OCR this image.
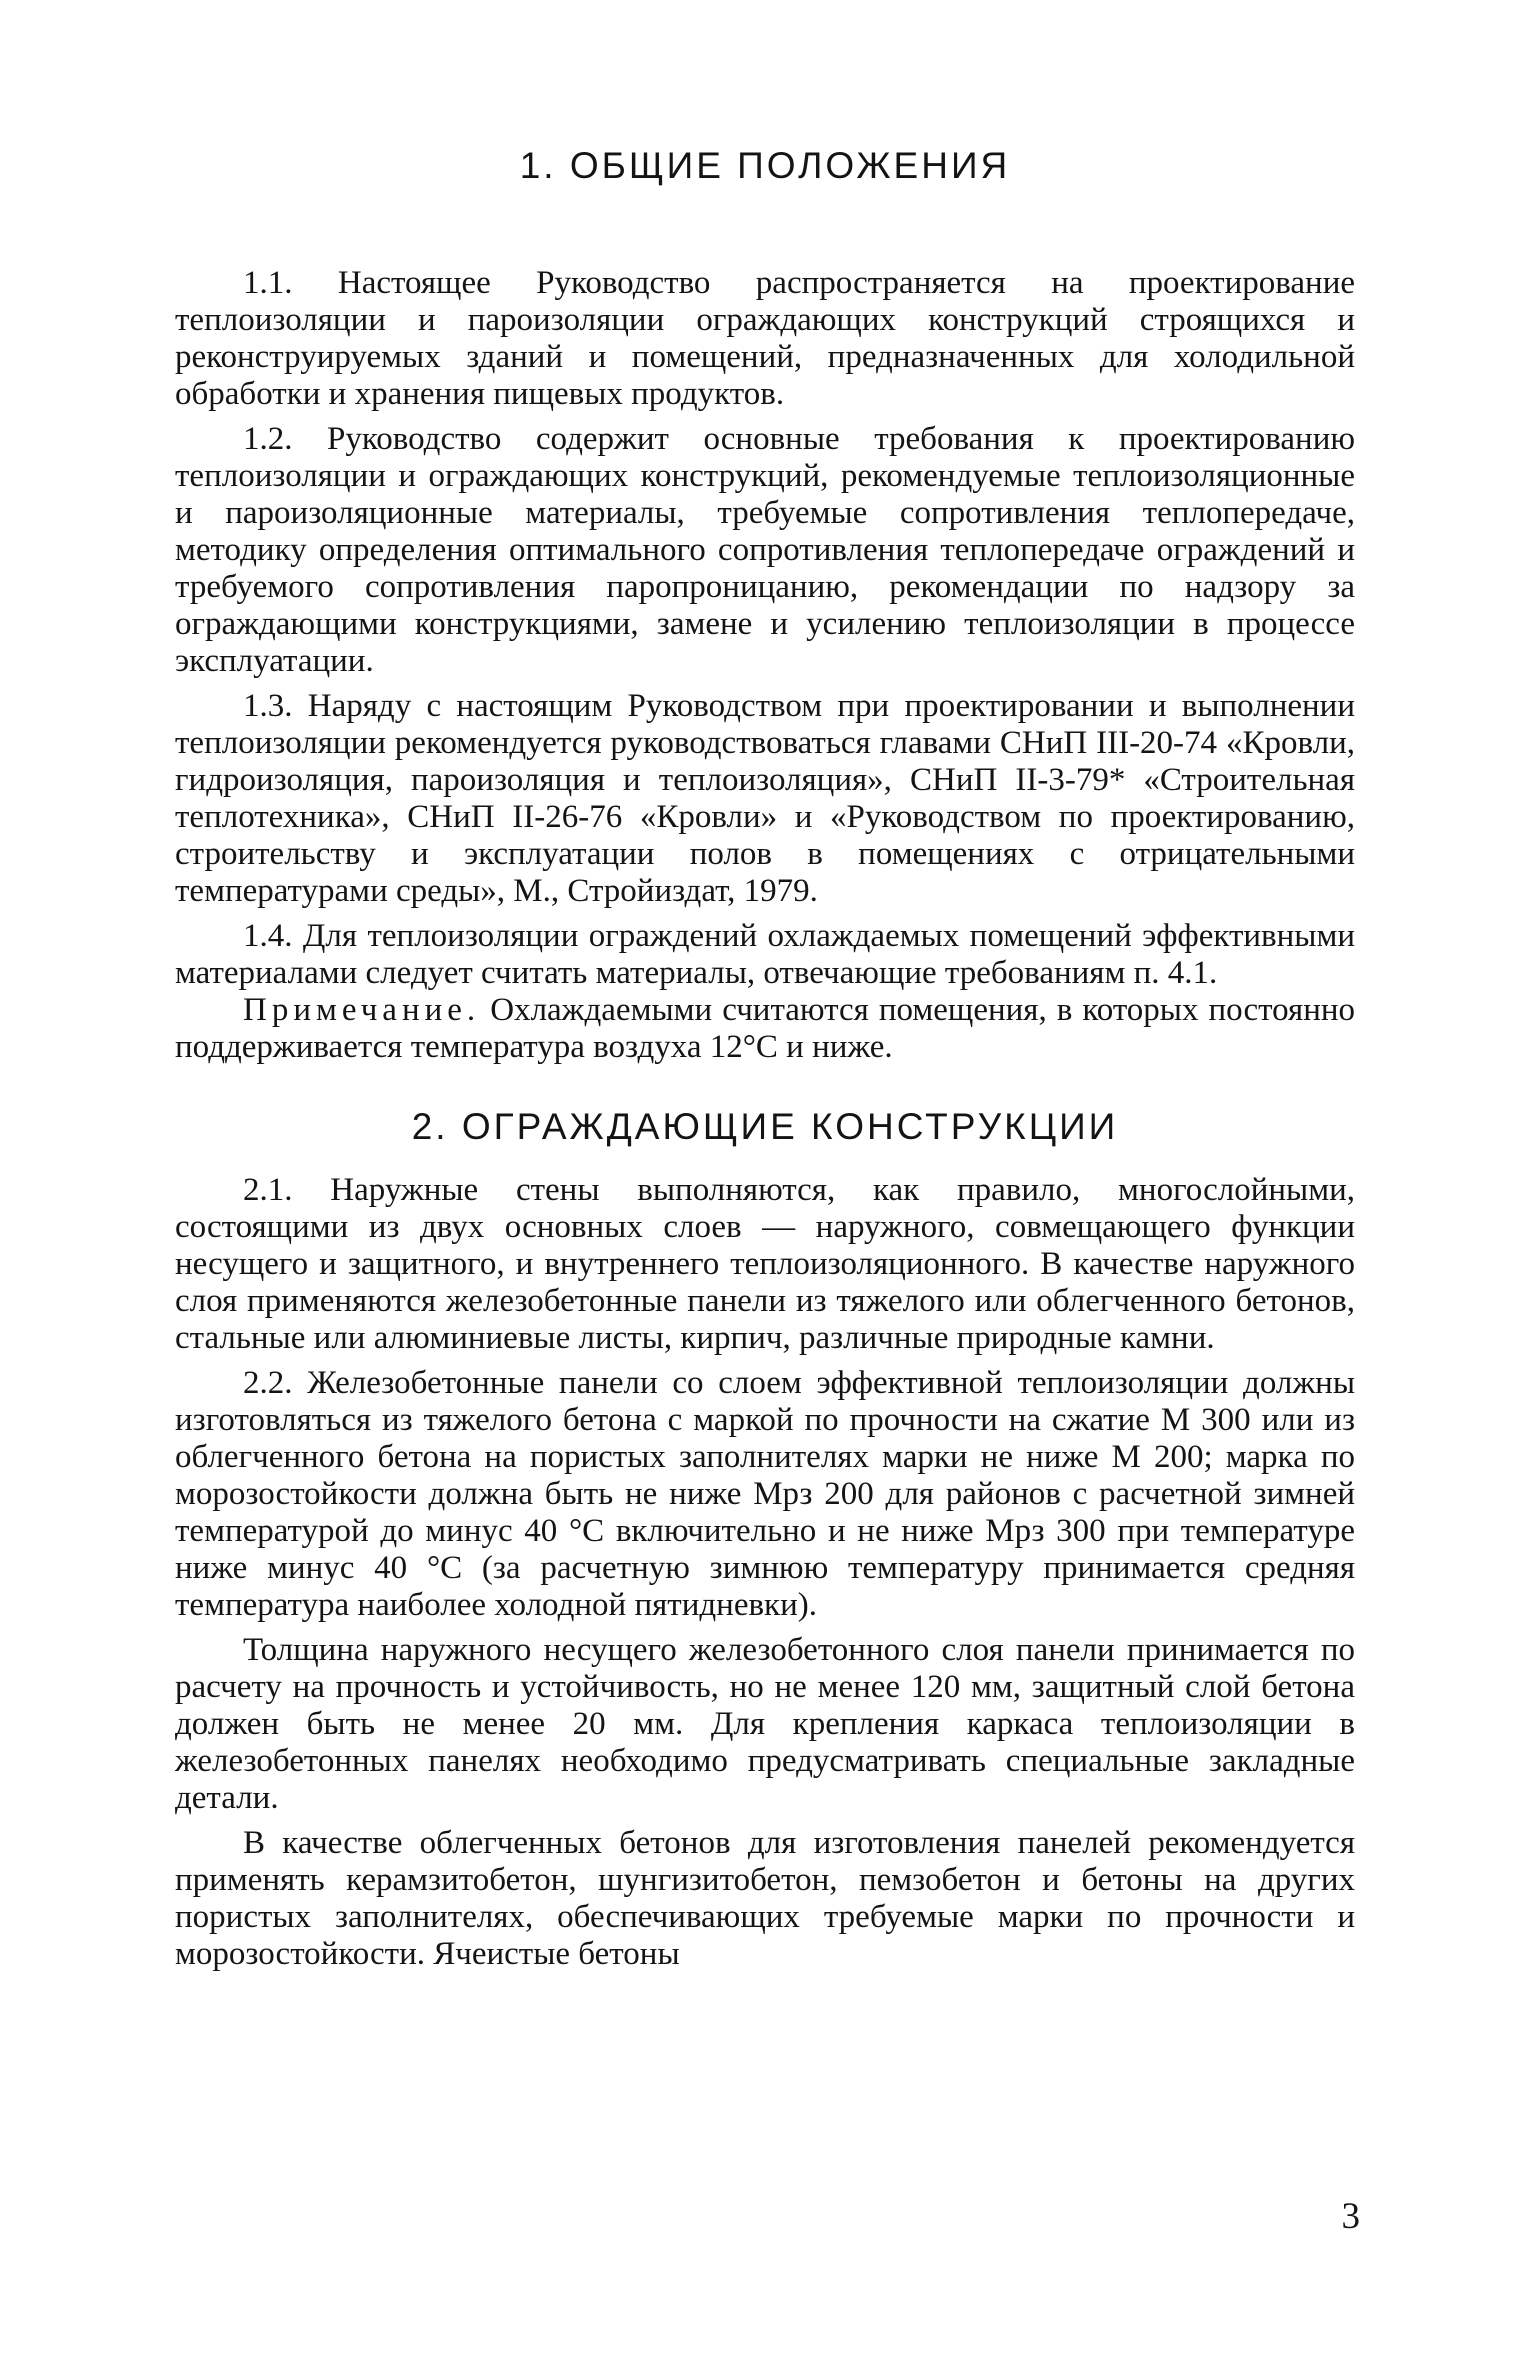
1. ОБЩИЕ ПОЛОЖЕНИЯ

1.1. Настоящее Руководство распространяется на проектирование теплоизоляции и пароизоляции ограждающих конструкций строящихся и реконструируемых зданий и помещений, предназначенных для холодильной обработки и хранения пищевых продуктов.

1.2. Руководство содержит основные требования к проектированию теплоизоляции и ограждающих конструкций, рекомендуемые теплоизоляционные и пароизоляционные материалы, требуемые сопротивления теплопередаче, методику определения оптимального сопротивления теплопередаче ограждений и требуемого сопротивления паропроницанию, рекомендации по надзору за ограждающими конструкциями, замене и усилению теплоизоляции в процессе эксплуатации.

1.3. Наряду с настоящим Руководством при проектировании и выполнении теплоизоляции рекомендуется руководствоваться главами СНиП III-20-74 «Кровли, гидроизоляция, пароизоляция и теплоизоляция», СНиП II-3-79* «Строительная теплотехника», СНиП II-26-76 «Кровли» и «Руководством по проектированию, строительству и эксплуатации полов в помещениях с отрицательными температурами среды», М., Стройиздат, 1979.

1.4. Для теплоизоляции ограждений охлаждаемых помещений эффективными материалами следует считать материалы, отвечающие требованиям п. 4.1.

Примечание. Охлаждаемыми считаются помещения, в которых постоянно поддерживается температура воздуха 12°С и ниже.

2. ОГРАЖДАЮЩИЕ КОНСТРУКЦИИ

2.1. Наружные стены выполняются, как правило, многослойными, состоящими из двух основных слоев — наружного, совмещающего функции несущего и защитного, и внутреннего теплоизоляционного. В качестве наружного слоя применяются железобетонные панели из тяжелого или облегченного бетонов, стальные или алюминиевые листы, кирпич, различные природные камни.

2.2. Железобетонные панели со слоем эффективной теплоизоляции должны изготовляться из тяжелого бетона с маркой по прочности на сжатие М 300 или из облегченного бетона на пористых заполнителях марки не ниже М 200; марка по морозостойкости должна быть не ниже Мрз 200 для районов с расчетной зимней температурой до минус 40 °С включительно и не ниже Мрз 300 при температуре ниже минус 40 °С (за расчетную зимнюю температуру принимается средняя температура наиболее холодной пятидневки).

Толщина наружного несущего железобетонного слоя панели принимается по расчету на прочность и устойчивость, но не менее 120 мм, защитный слой бетона должен быть не менее 20 мм. Для крепления каркаса теплоизоляции в железобетонных панелях необходимо предусматривать специальные закладные детали.

В качестве облегченных бетонов для изготовления панелей рекомендуется применять керамзитобетон, шунгизитобетон, пемзобетон и бетоны на других пористых заполнителях, обеспечивающих требуемые марки по прочности и морозостойкости. Ячеистые бетоны

3
